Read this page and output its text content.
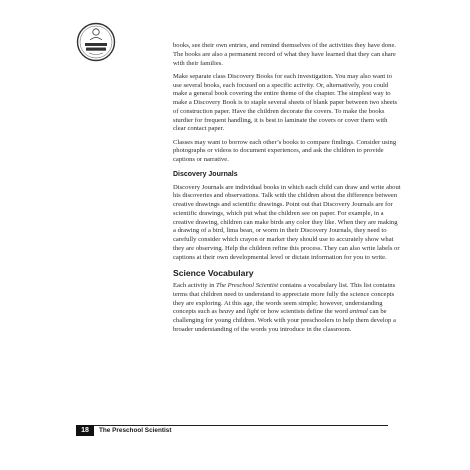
books, see their own entries, and remind themselves of the activities they have done. The books are also a permanent record of what they have learned that they can share with their families.

Make separate class Discovery Books for each investigation. You may also want to use several books, each focused on a specific activity. Or, alternatively, you could make a general book covering the entire theme of the chapter. The simplest way to make a Discovery Book is to staple several sheets of blank paper between two sheets of construction paper. Have the children decorate the covers. To make the books sturdier for frequent handling, it is best to laminate the covers or cover them with clear contact paper.

Classes may want to borrow each other’s books to compare findings. Consider using photographs or videos to document experiences, and ask the children to provide captions or narrative.

Discovery Journals

Discovery Journals are individual books in which each child can draw and write about his discoveries and observations. Talk with the children about the difference between creative drawings and scientific drawings. Point out that Discovery Journals are for scientific drawings, which put what the children see on paper. For example, in a creative drawing, children can make birds any color they like. When they are making a drawing of a bird, lima bean, or worm in their Discovery Journals, they need to carefully consider which crayon or marker they should use to accurately show what they are observing. Help the children refine this process. They can also write labels or captions at their own developmental level or dictate information for you to write.

Science Vocabulary

Each activity in The Preschool Scientist contains a vocabulary list. This list contains terms that children need to understand to appreciate more fully the science concepts they are exploring. At this age, the words seem simple; however, understanding concepts such as heavy and light or how scientists define the word animal can be challenging for young children. Work with your preschoolers to help them develop a broader understanding of the words you introduce in the classroom.

18	The Preschool Scientist
